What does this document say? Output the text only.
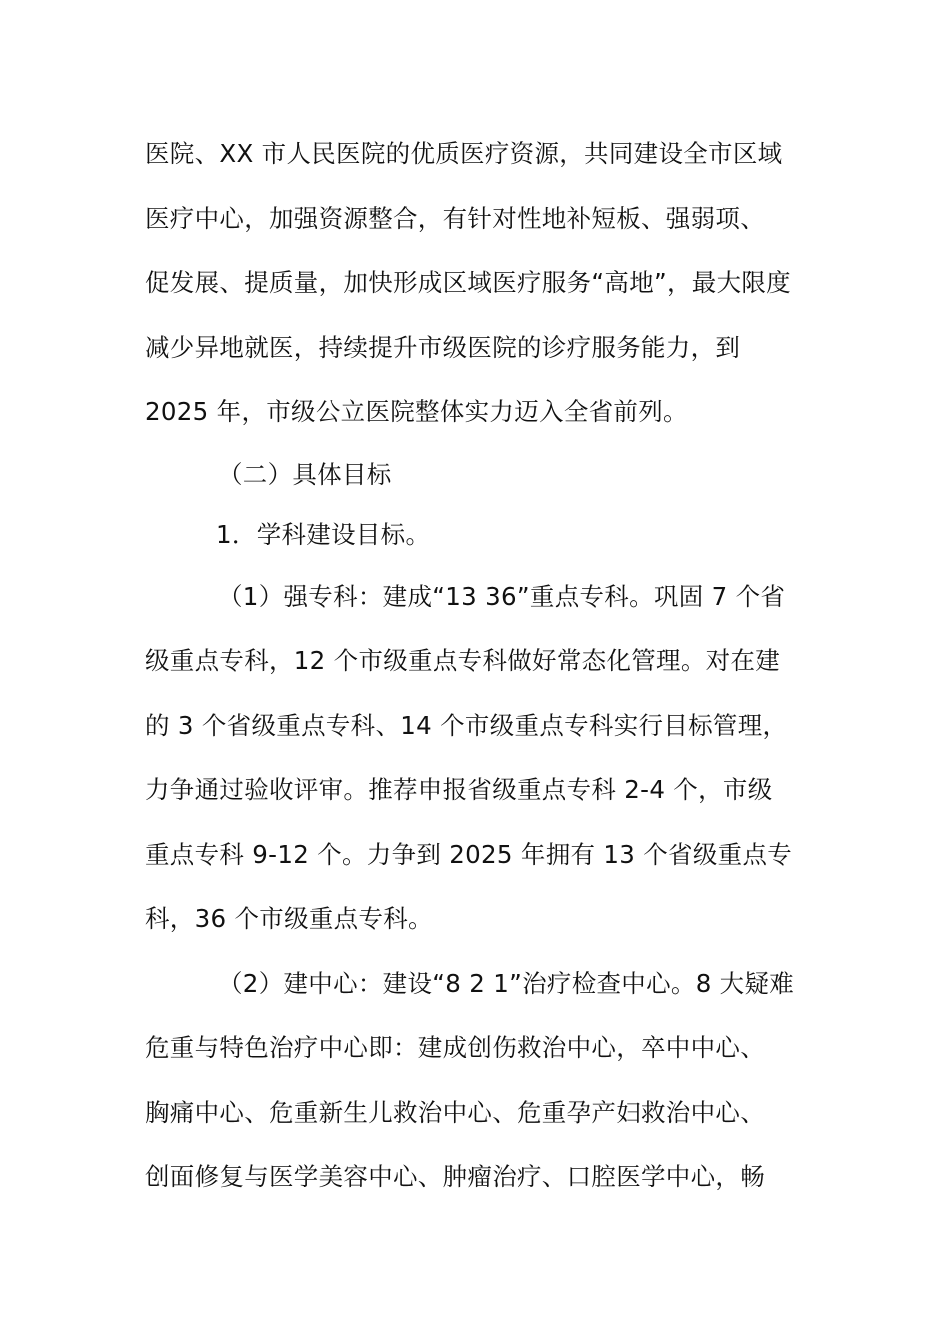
医院、XX 市人民医院的优质医疗资源，共同建设全市区域
医疗中心，加强资源整合，有针对性地补短板、强弱项、
促发展、提质量，加快形成区域医疗服务“高地”，最大限度
减少异地就医，持续提升市级医院的诊疗服务能力，到
2025 年，市级公立医院整体实力迈入全省前列。
（二）具体目标
1．学科建设目标。
（1）强专科：建成“13 36”重点专科。巩固 7 个省
级重点专科，12 个市级重点专科做好常态化管理。对在建
的 3 个省级重点专科、14 个市级重点专科实行目标管理，
力争通过验收评审。推荐申报省级重点专科 2-4 个，市级
重点专科 9-12 个。力争到 2025 年拥有 13 个省级重点专
科，36 个市级重点专科。
（2）建中心：建设“8 2 1”治疗检查中心。8 大疑难
危重与特色治疗中心即：建成创伤救治中心，卒中中心、
胸痛中心、危重新生儿救治中心、危重孕产妇救治中心、
创面修复与医学美容中心、肿瘤治疗、口腔医学中心，畅
